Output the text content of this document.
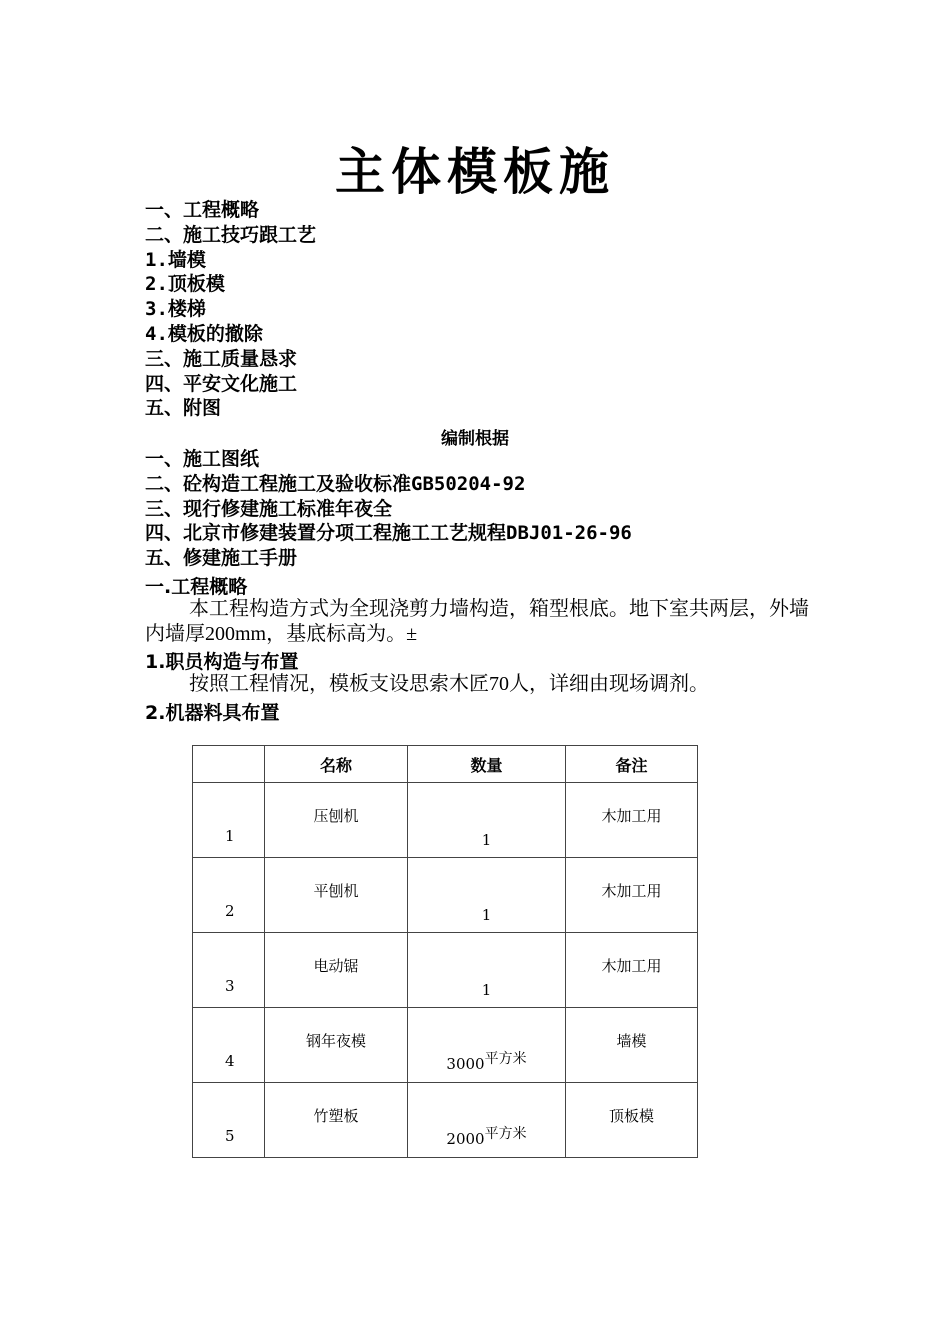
主体模板施
一、工程概略
二、施工技巧跟工艺
1.墙模
2.顶板模
3.楼梯
4.模板的撤除
三、施工质量恳求
四、平安文化施工
五、附图
编制根据
一、施工图纸
二、砼构造工程施工及验收标准GB50204-92
三、现行修建施工标准年夜全
四、北京市修建装置分项工程施工工艺规程DBJ01-26-96
五、修建施工手册
一.工程概略
本工程构造方式为全现浇剪力墙构造，箱型根底。地下室共两层，外墙内墙厚200mm，基底标高为。±
1.职员构造与布置
按照工程情况，模板支设思索木匠70人，详细由现场调剂。
2.机器料具布置
	名称	数量	备注

1	压刨机	1	木加工用

2	平刨机	1	木加工用

3	电动锯	1	木加工用

4	钢年夜模	3000平方米	墙模

5	竹塑板	2000平方米	顶板模
